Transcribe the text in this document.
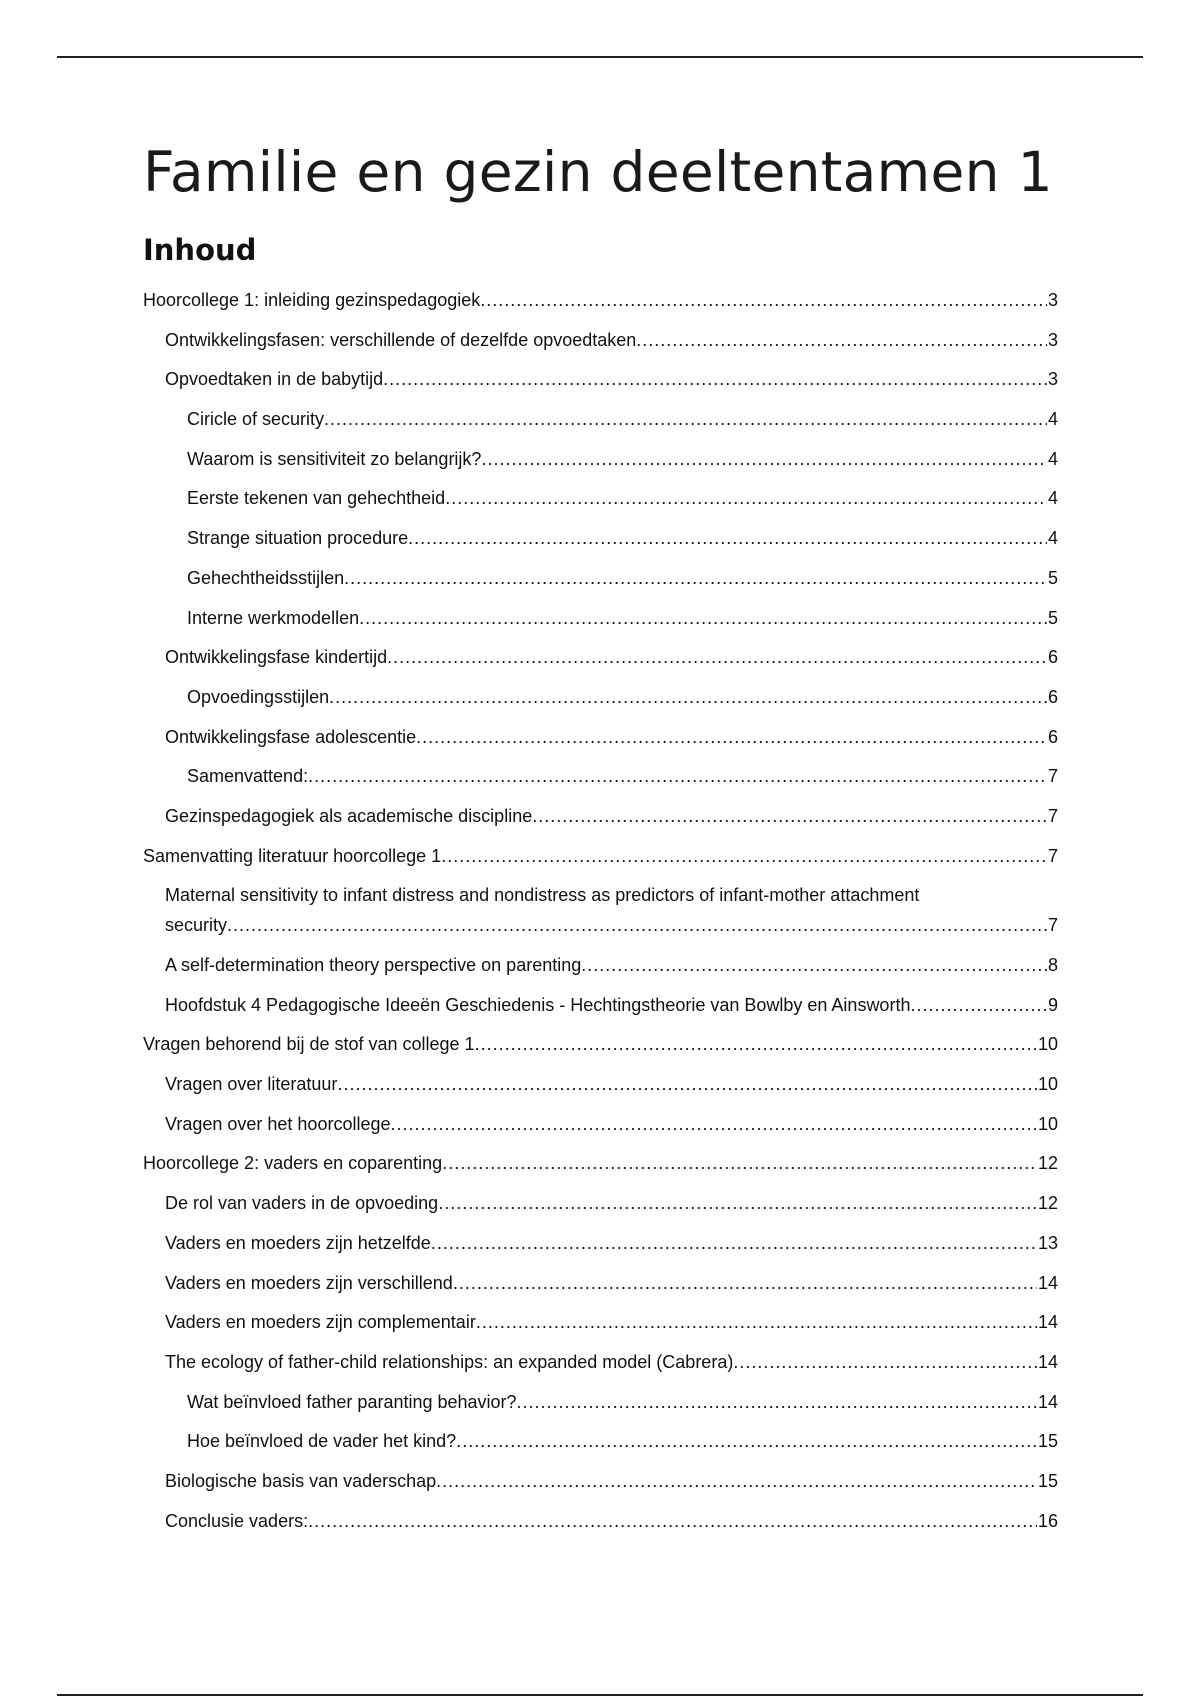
Familie en gezin deeltentamen 1
Inhoud
Hoorcollege 1: inleiding gezinspedagogiek .....	3
Ontwikkelingsfasen: verschillende of dezelfde opvoedtaken .....	3
Opvoedtaken in de babytijd .....	3
Ciricle of security .....	4
Waarom is sensitiviteit zo belangrijk? .....	4
Eerste tekenen van gehechtheid .....	4
Strange situation procedure .....	4
Gehechtheidsstijlen .....	5
Interne werkmodellen .....	5
Ontwikkelingsfase kindertijd .....	6
Opvoedingsstijlen .....	6
Ontwikkelingsfase adolescentie .....	6
Samenvattend: .....	7
Gezinspedagogiek als academische discipline .....	7
Samenvatting literatuur hoorcollege 1 .....	7
Maternal sensitivity to infant distress and nondistress as predictors of infant-mother attachment
security .....	7
A self-determination theory perspective on parenting .....	8
Hoofdstuk 4 Pedagogische Ideeën Geschiedenis - Hechtingstheorie van Bowlby en Ainsworth .....	9
Vragen behorend bij de stof van college 1 .....	10
Vragen over literatuur .....	10
Vragen over het hoorcollege .....	10
Hoorcollege 2: vaders en coparenting .....	12
De rol van vaders in de opvoeding .....	12
Vaders en moeders zijn hetzelfde .....	13
Vaders en moeders zijn verschillend .....	14
Vaders en moeders zijn complementair .....	14
The ecology of father-child relationships: an expanded model (Cabrera) .....	14
Wat beïnvloed father paranting behavior? .....	14
Hoe beïnvloed de vader het kind? .....	15
Biologische basis van vaderschap .....	15
Conclusie vaders: .....	16
